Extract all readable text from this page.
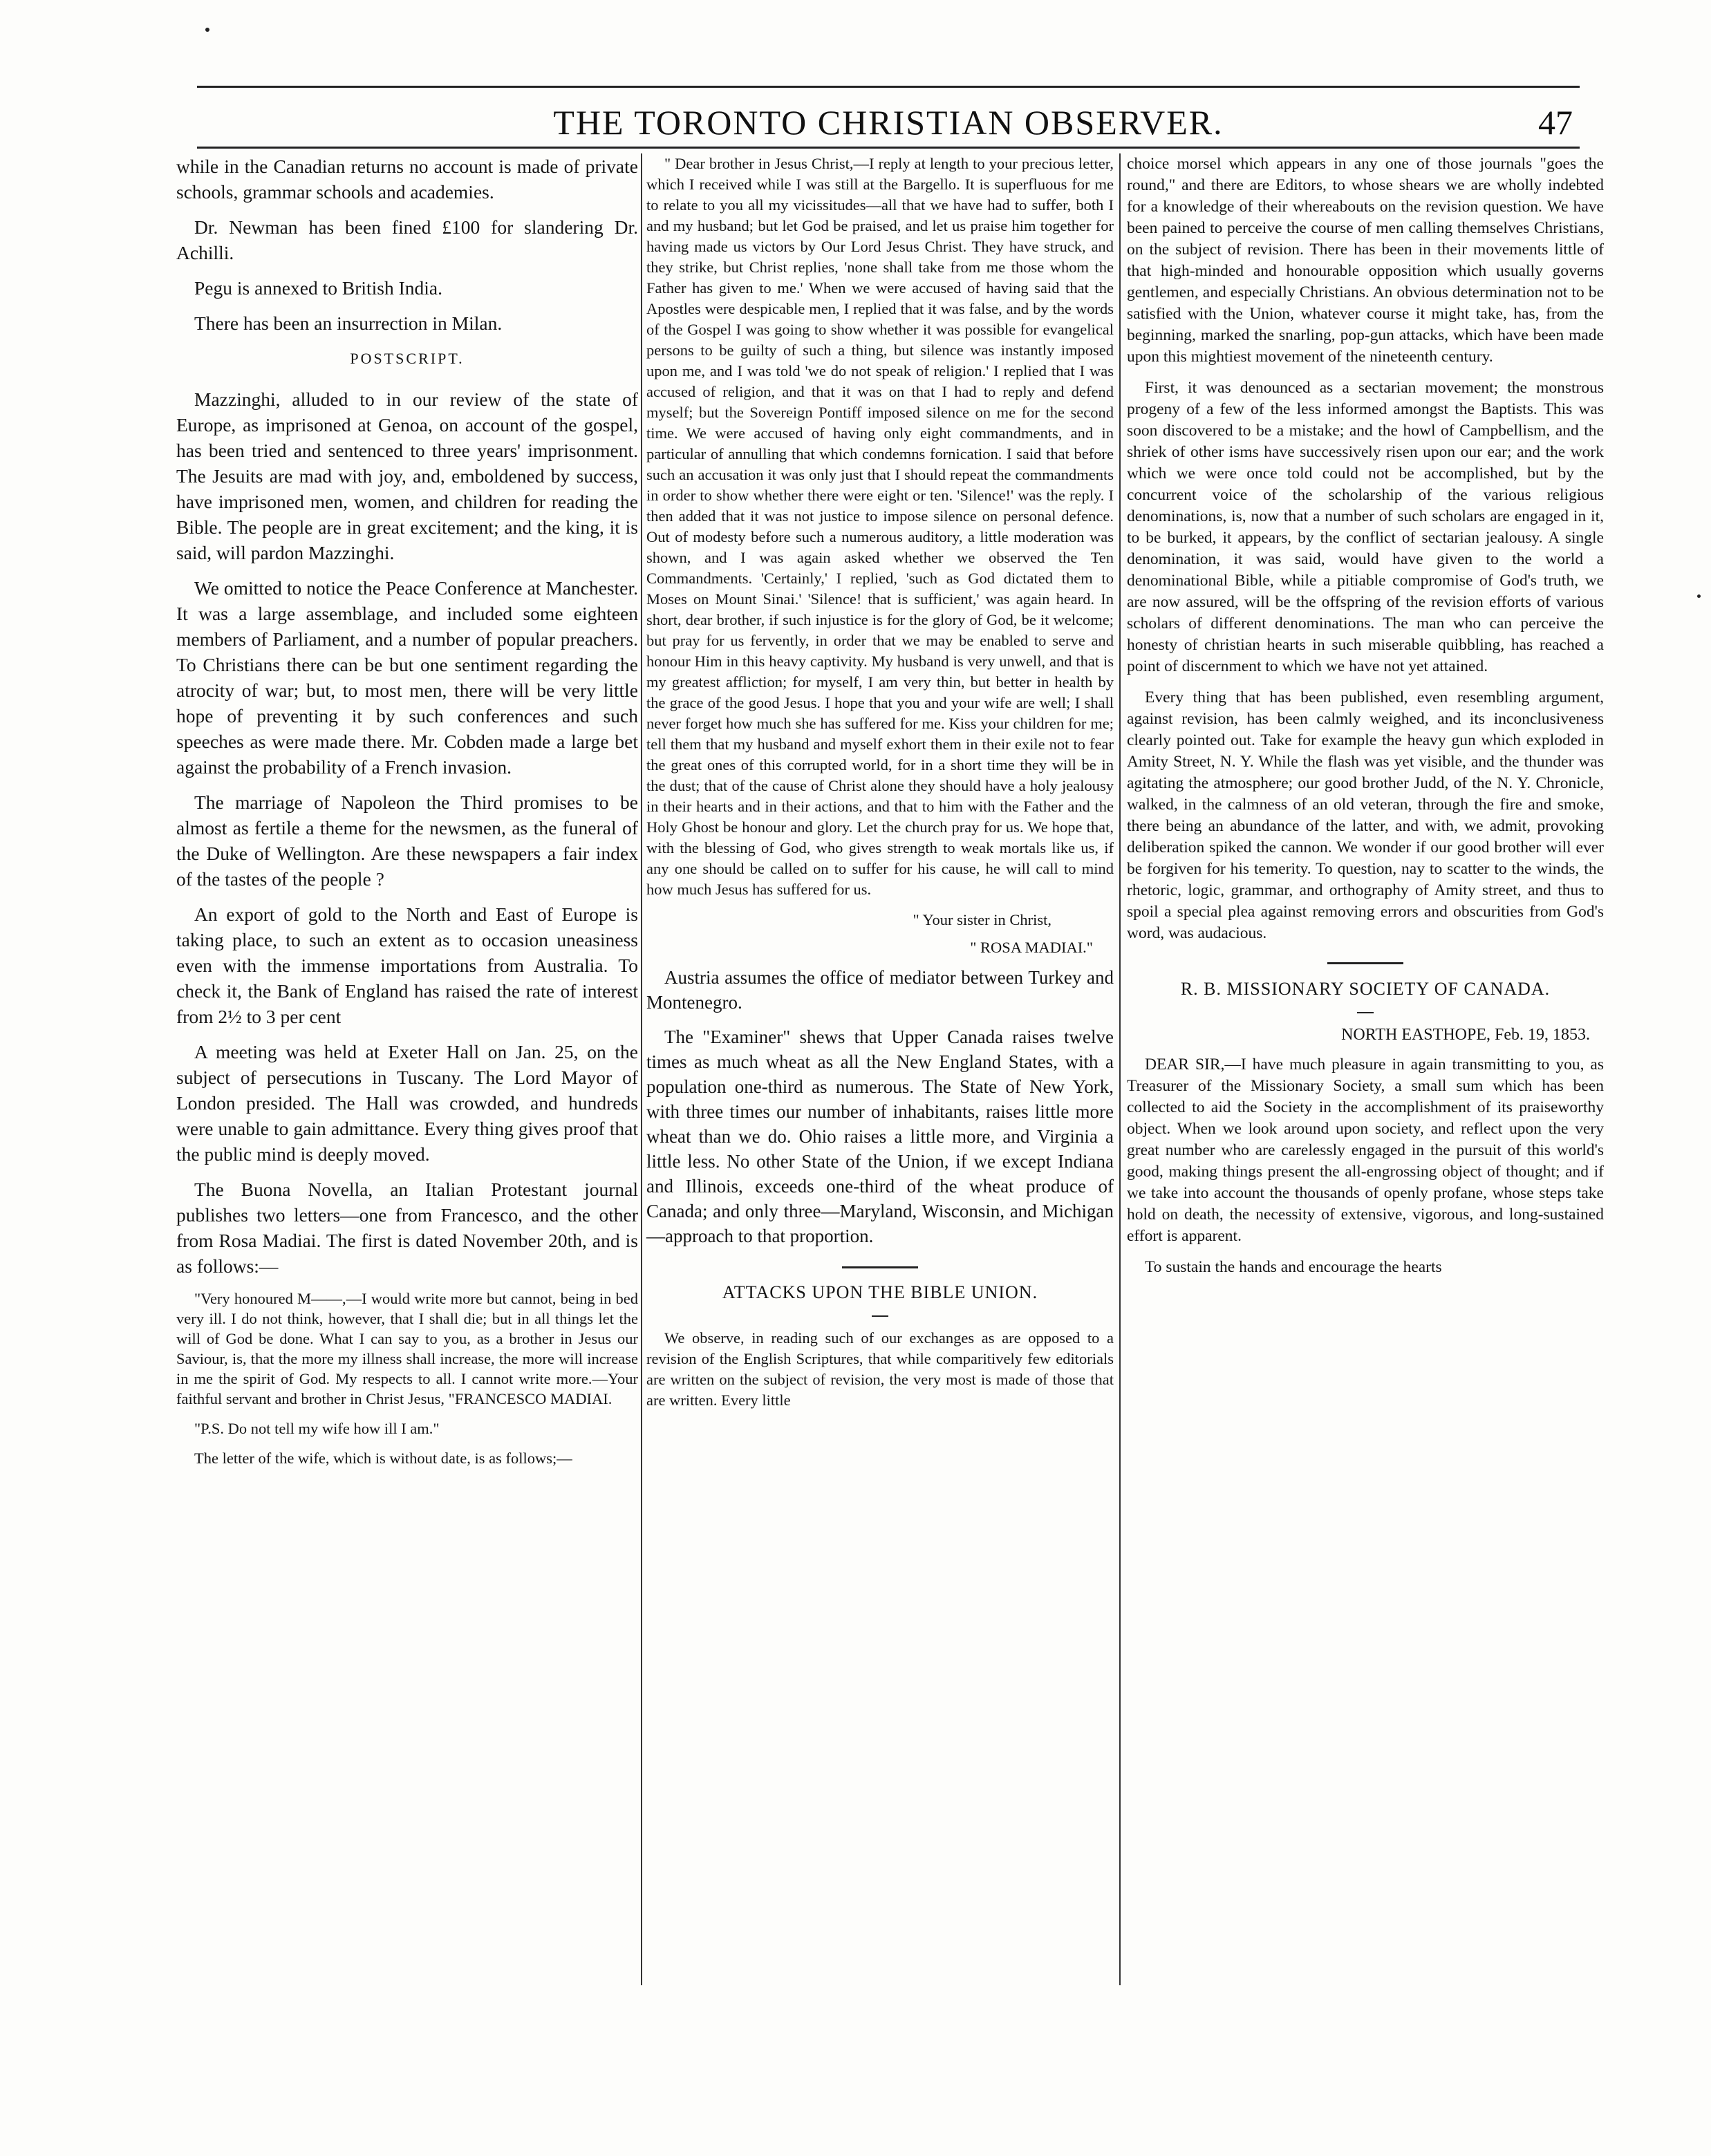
THE TORONTO CHRISTIAN OBSERVER.	47

while in the Canadian returns no account is made of private schools, grammar schools and academies.

Dr. Newman has been fined £100 for slandering Dr. Achilli.

Pegu is annexed to British India.

There has been an insurrection in Milan.

POSTSCRIPT.

Mazzinghi, alluded to in our review of the state of Europe, as imprisoned at Genoa, on account of the gospel, has been tried and sentenced to three years' imprisonment. The Jesuits are mad with joy, and, emboldened by success, have imprisoned men, women, and children for reading the Bible. The people are in great excitement; and the king, it is said, will pardon Mazzinghi.

We omitted to notice the Peace Conference at Manchester. It was a large assemblage, and included some eighteen members of Parliament, and a number of popular preachers. To Christians there can be but one sentiment regarding the atrocity of war; but, to most men, there will be very little hope of preventing it by such conferences and such speeches as were made there. Mr. Cobden made a large bet against the probability of a French invasion.

The marriage of Napoleon the Third promises to be almost as fertile a theme for the newsmen, as the funeral of the Duke of Wellington. Are these newspapers a fair index of the tastes of the people ?

An export of gold to the North and East of Europe is taking place, to such an extent as to occasion uneasiness even with the immense importations from Australia. To check it, the Bank of England has raised the rate of interest from 2½ to 3 per cent

A meeting was held at Exeter Hall on Jan. 25, on the subject of persecutions in Tuscany. The Lord Mayor of London presided. The Hall was crowded, and hundreds were unable to gain admittance. Every thing gives proof that the public mind is deeply moved.

The Buona Novella, an Italian Protestant journal publishes two letters—one from Francesco, and the other from Rosa Madiai. The first is dated November 20th, and is as follows:—

"Very honoured M——,—I would write more but cannot, being in bed very ill. I do not think, however, that I shall die; but in all things let the will of God be done. What I can say to you, as a brother in Jesus our Saviour, is, that the more my illness shall increase, the more will increase in me the spirit of God. My respects to all. I cannot write more.—Your faithful servant and brother in Christ Jesus, "FRANCESCO MADIAI.

"P.S. Do not tell my wife how ill I am."

The letter of the wife, which is without date, is as follows;—

" Dear brother in Jesus Christ,—I reply at length to your precious letter, which I received while I was still at the Bargello. It is superfluous for me to relate to you all my vicissitudes—all that we have had to suffer, both I and my husband; but let God be praised, and let us praise him together for having made us victors by Our Lord Jesus Christ. They have struck, and they strike, but Christ replies, 'none shall take from me those whom the Father has given to me.' When we were accused of having said that the Apostles were despicable men, I replied that it was false, and by the words of the Gospel I was going to show whether it was possible for evangelical persons to be guilty of such a thing, but silence was instantly imposed upon me, and I was told 'we do not speak of religion.' I replied that I was accused of religion, and that it was on that I had to reply and defend myself; but the Sovereign Pontiff imposed silence on me for the second time. We were accused of having only eight commandments, and in particular of annulling that which condemns fornication. I said that before such an accusation it was only just that I should repeat the commandments in order to show whether there were eight or ten. 'Silence!' was the reply. I then added that it was not justice to impose silence on personal defence. Out of modesty before such a numerous auditory, a little moderation was shown, and I was again asked whether we observed the Ten Commandments. 'Certainly,' I replied, 'such as God dictated them to Moses on Mount Sinai.' 'Silence! that is sufficient,' was again heard. In short, dear brother, if such injustice is for the glory of God, be it welcome; but pray for us fervently, in order that we may be enabled to serve and honour Him in this heavy captivity. My husband is very unwell, and that is my greatest affliction; for myself, I am very thin, but better in health by the grace of the good Jesus. I hope that you and your wife are well; I shall never forget how much she has suffered for me. Kiss your children for me; tell them that my husband and myself exhort them in their exile not to fear the great ones of this corrupted world, for in a short time they will be in the dust; that of the cause of Christ alone they should have a holy jealousy in their hearts and in their actions, and that to him with the Father and the Holy Ghost be honour and glory. Let the church pray for us. We hope that, with the blessing of God, who gives strength to weak mortals like us, if any one should be called on to suffer for his cause, he will call to mind how much Jesus has suffered for us.

" Your sister in Christ,
" ROSA MADIAI."

Austria assumes the office of mediator between Turkey and Montenegro.

The "Examiner" shews that Upper Canada raises twelve times as much wheat as all the New England States, with a population one-third as numerous. The State of New York, with three times our number of inhabitants, raises little more wheat than we do. Ohio raises a little more, and Virginia a little less. No other State of the Union, if we except Indiana and Illinois, exceeds one-third of the wheat produce of Canada; and only three—Maryland, Wisconsin, and Michigan—approach to that proportion.

ATTACKS UPON THE BIBLE UNION.

We observe, in reading such of our exchanges as are opposed to a revision of the English Scriptures, that while comparitively few editorials are written on the subject of revision, the very most is made of those that are written. Every little

choice morsel which appears in any one of those journals "goes the round," and there are Editors, to whose shears we are wholly indebted for a knowledge of their whereabouts on the revision question. We have been pained to perceive the course of men calling themselves Christians, on the subject of revision. There has been in their movements little of that high-minded and honourable opposition which usually governs gentlemen, and especially Christians. An obvious determination not to be satisfied with the Union, whatever course it might take, has, from the beginning, marked the snarling, pop-gun attacks, which have been made upon this mightiest movement of the nineteenth century.

First, it was denounced as a sectarian movement; the monstrous progeny of a few of the less informed amongst the Baptists. This was soon discovered to be a mistake; and the howl of Campbellism, and the shriek of other isms have successively risen upon our ear; and the work which we were once told could not be accomplished, but by the concurrent voice of the scholarship of the various religious denominations, is, now that a number of such scholars are engaged in it, to be burked, it appears, by the conflict of sectarian jealousy. A single denomination, it was said, would have given to the world a denominational Bible, while a pitiable compromise of God's truth, we are now assured, will be the offspring of the revision efforts of various scholars of different denominations. The man who can perceive the honesty of christian hearts in such miserable quibbling, has reached a point of discernment to which we have not yet attained.

Every thing that has been published, even resembling argument, against revision, has been calmly weighed, and its inconclusiveness clearly pointed out. Take for example the heavy gun which exploded in Amity Street, N. Y. While the flash was yet visible, and the thunder was agitating the atmosphere; our good brother Judd, of the N. Y. Chronicle, walked, in the calmness of an old veteran, through the fire and smoke, there being an abundance of the latter, and with, we admit, provoking deliberation spiked the cannon. We wonder if our good brother will ever be forgiven for his temerity. To question, nay to scatter to the winds, the rhetoric, logic, grammar, and orthography of Amity street, and thus to spoil a special plea against removing errors and obscurities from God's word, was audacious.

R. B. MISSIONARY SOCIETY OF CANADA.
NORTH EASTHOPE, Feb. 19, 1853.

DEAR SIR,—I have much pleasure in again transmitting to you, as Treasurer of the Missionary Society, a small sum which has been collected to aid the Society in the accomplishment of its praiseworthy object. When we look around upon society, and reflect upon the very great number who are carelessly engaged in the pursuit of this world's good, making things present the all-engrossing object of thought; and if we take into account the thousands of openly profane, whose steps take hold on death, the necessity of extensive, vigorous, and long-sustained effort is apparent.

To sustain the hands and encourage the hearts
